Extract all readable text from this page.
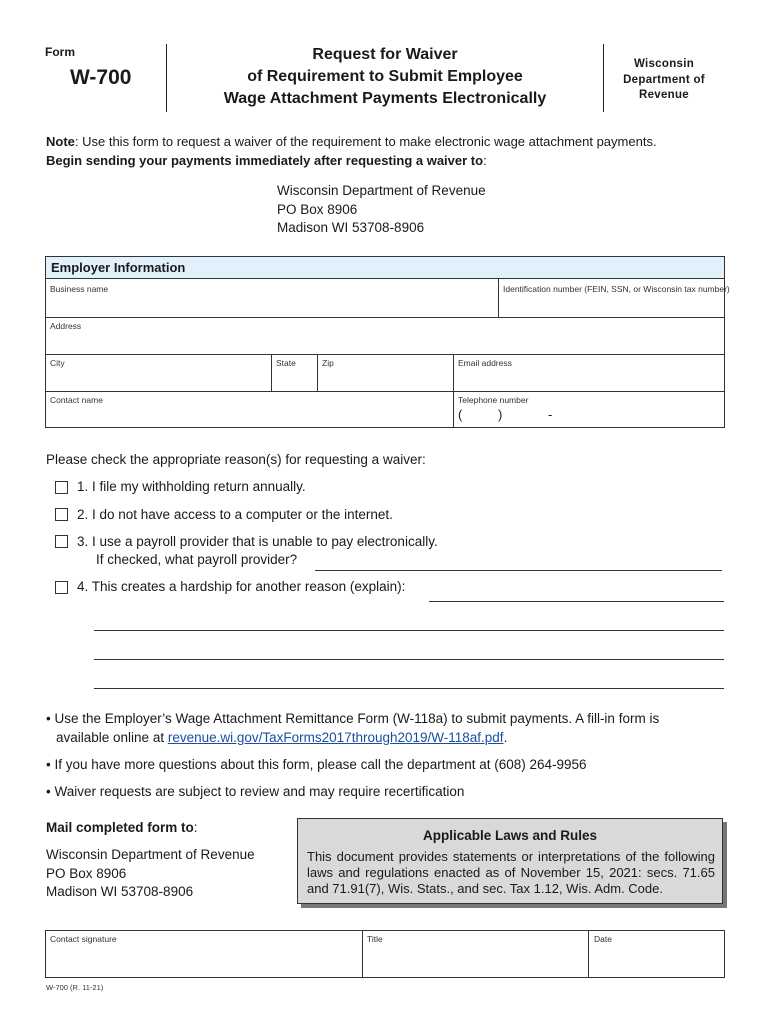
Form
W-700
Request for Waiver
of Requirement to Submit Employee
Wage Attachment Payments Electronically
Wisconsin
Department of
Revenue
Note: Use this form to request a waiver of the requirement to make electronic wage attachment payments.
Begin sending your payments immediately after requesting a waiver to:
Wisconsin Department of Revenue
PO Box 8906
Madison WI 53708-8906
Employer Information
Business name	Identification number (FEIN, SSN, or Wisconsin tax number)
Address
City	State	Zip	Email address
Contact name	Telephone number
(	)	-
Please check the appropriate reason(s) for requesting a waiver:
1. I file my withholding return annually.
2. I do not have access to a computer or the internet.
3. I use a payroll provider that is unable to pay electronically.
If checked, what payroll provider?
4. This creates a hardship for another reason (explain):
• Use the Employer’s Wage Attachment Remittance Form (W-118a) to submit payments. A fill-in form is
available online at revenue.wi.gov/TaxForms2017through2019/W-118af.pdf.
• If you have more questions about this form, please call the department at (608) 264-9956
• Waiver requests are subject to review and may require recertification
Mail completed form to:
Wisconsin Department of Revenue
PO Box 8906
Madison WI 53708-8906
Applicable Laws and Rules
This document provides statements or interpretations of the following laws and regulations enacted as of November 15, 2021: secs. 71.65 and 71.91(7), Wis. Stats., and sec. Tax 1.12, Wis. Adm. Code.
Contact signature	Title	Date
W-700 (R. 11-21)
